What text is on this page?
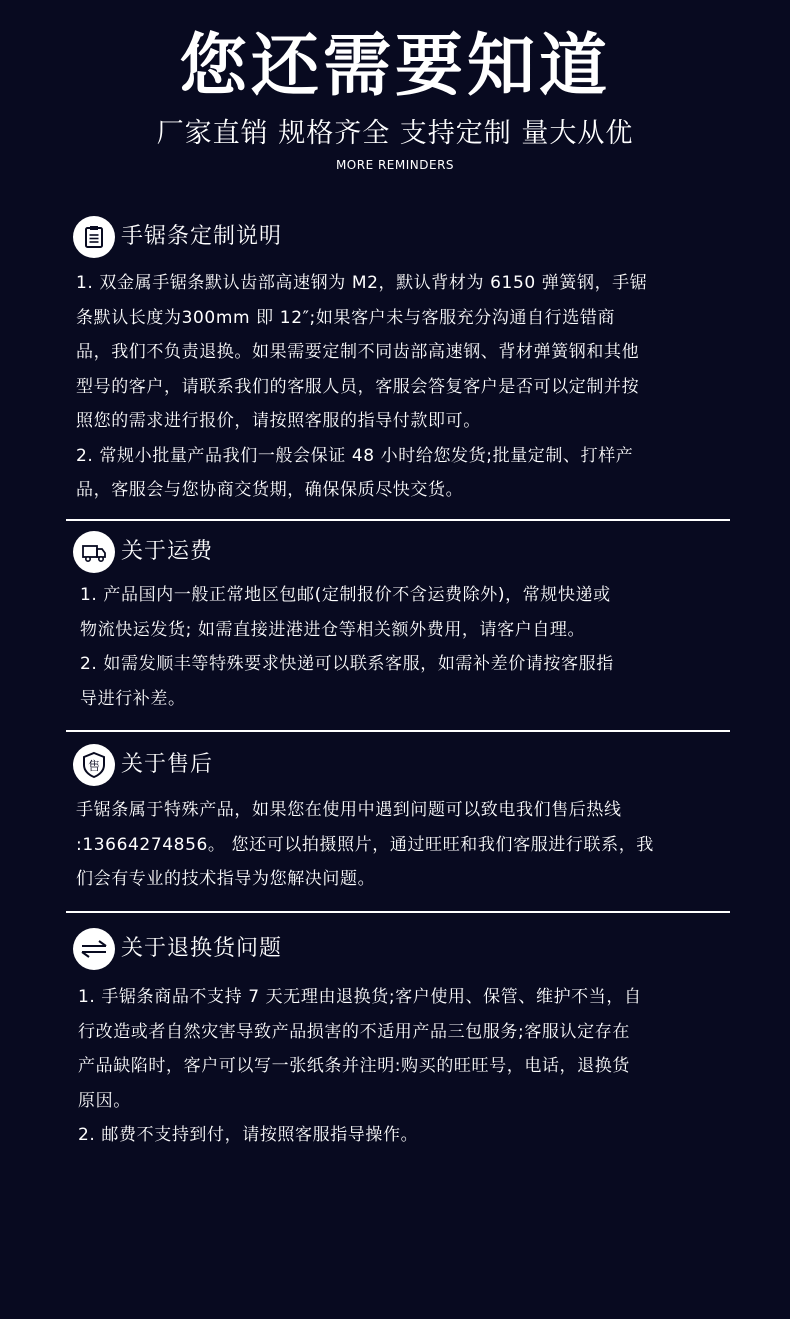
您还需要知道
厂家直销 规格齐全 支持定制 量大从优
MORE REMINDERS
手锯条定制说明
1. 双金属手锯条默认齿部高速钢为 M2，默认背材为 6150 弹簧钢，手锯
条默认长度为300mm 即 12″;如果客户未与客服充分沟通自行选错商
品，我们不负责退换。如果需要定制不同齿部高速钢、背材弹簧钢和其他
型号的客户，请联系我们的客服人员，客服会答复客户是否可以定制并按
照您的需求进行报价，请按照客服的指导付款即可。
2. 常规小批量产品我们一般会保证 48 小时给您发货;批量定制、打样产
品，客服会与您协商交货期，确保保质尽快交货。
关于运费
1. 产品国内一般正常地区包邮(定制报价不含运费除外)，常规快递或
物流快运发货; 如需直接进港进仓等相关额外费用，请客户自理。
2. 如需发顺丰等特殊要求快递可以联系客服，如需补差价请按客服指
导进行补差。
售 关于售后
手锯条属于特殊产品，如果您在使用中遇到问题可以致电我们售后热线
:13664274856。 您还可以拍摄照片，通过旺旺和我们客服进行联系，我
们会有专业的技术指导为您解决问题。
关于退换货问题
1. 手锯条商品不支持 7 天无理由退换货;客户使用、保管、维护不当，自
行改造或者自然灾害导致产品损害的不适用产品三包服务;客服认定存在
产品缺陷时，客户可以写一张纸条并注明:购买的旺旺号，电话，退换货
原因。
2. 邮费不支持到付，请按照客服指导操作。
